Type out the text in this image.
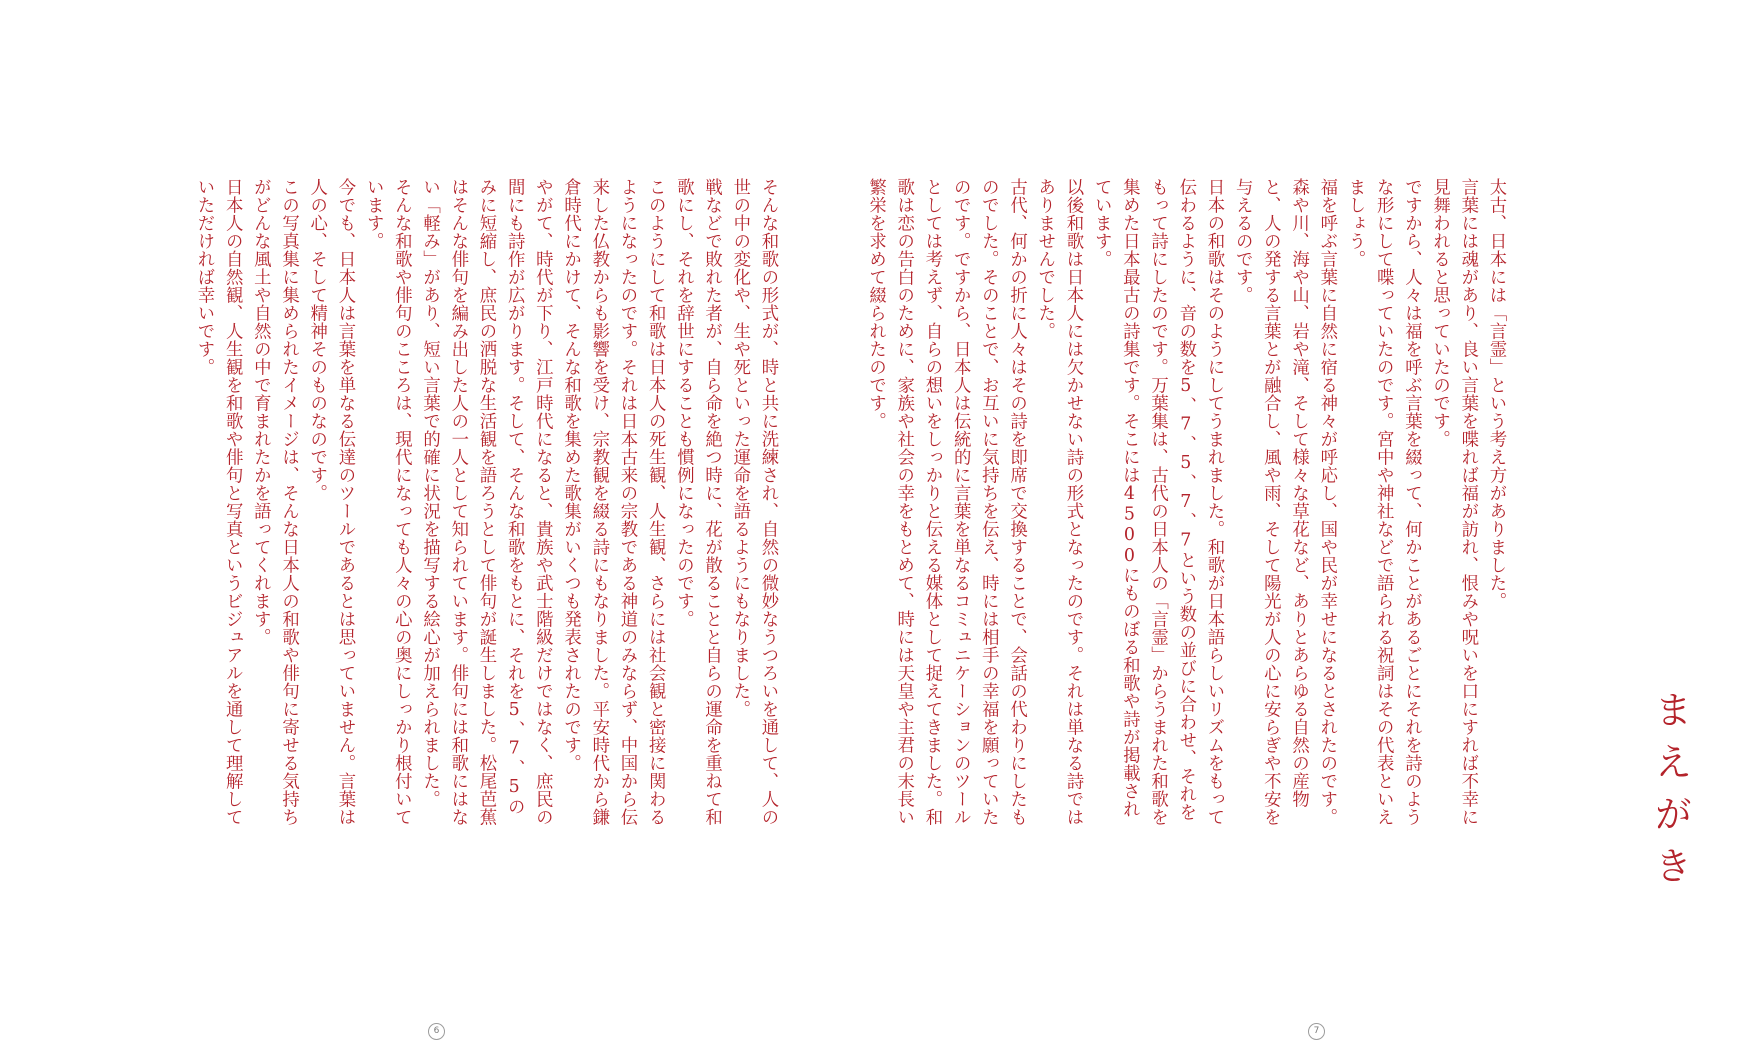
そんな和歌の形式が、時と共に洗練され、自然の微妙なうつろいを通して、人の世の中の変化や、生や死といった運命を語るようにもなりました。
戦などで敗れた者が、自ら命を絶つ時に、花が散ることと自らの運命を重ねて和歌にし、それを辞世にすることも慣例になったのです。

このようにして和歌は日本人の死生観、人生観、さらには社会観と密接に関わるようになったのです。それは日本古来の宗教である神道のみならず、中国から伝来した仏教からも影響を受け、宗教観を綴る詩にもなりました。平安時代から鎌倉時代にかけて、そんな和歌を集めた歌集がいくつも発表されたのです。

やがて、時代が下り、江戸時代になると、貴族や武士階級だけではなく、庶民の間にも詩作が広がります。そして、そんな和歌をもとに、それを5、7、5のみに短縮し、庶民の洒脱な生活観を語ろうとして俳句が誕生しました。松尾芭蕉はそんな俳句を編み出した人の一人として知られています。俳句には和歌にはない「軽み」があり、短い言葉で的確に状況を描写する絵心が加えられました。

そんな和歌や俳句のこころは、現代になっても人々の心の奥にしっかり根付いています。
今でも、日本人は言葉を単なる伝達のツールであるとは思っていません。言葉は人の心、そして精神そのものなのです。

この写真集に集められたイメージは、そんな日本人の和歌や俳句に寄せる気持ちがどんな風土や自然の中で育まれたかを語ってくれます。
日本人の自然観、人生観を和歌や俳句と写真というビジュアルを通して理解していただければ幸いです。

6

太古、日本には「言霊」という考え方がありました。
言葉には魂があり、良い言葉を喋れば福が訪れ、恨みや呪いを口にすれば不幸に見舞われると思っていたのです。
ですから、人々は福を呼ぶ言葉を綴って、何かことがあるごとにそれを詩のような形にして喋っていたのです。宮中や神社などで語られる祝詞はその代表といえましょう。

福を呼ぶ言葉に自然に宿る神々が呼応し、国や民が幸せになるとされたのです。森や川、海や山、岩や滝、そして様々な草花など、ありとあらゆる自然の産物と、人の発する言葉とが融合し、風や雨、そして陽光が人の心に安らぎや不安を与えるのです。

日本の和歌はそのようにしてうまれました。和歌が日本語らしいリズムをもって伝わるように、音の数を5、7、5、7、7という数の並びに合わせ、それをもって詩にしたのです。万葉集は、古代の日本人の「言霊」からうまれた和歌を集めた日本最古の詩集です。そこには4500にものぼる和歌や詩が掲載されています。

以後和歌は日本人には欠かせない詩の形式となったのです。それは単なる詩ではありませんでした。

古代、何かの折に人々はその詩を即席で交換することで、会話の代わりにしたものでした。そのことで、お互いに気持ちを伝え、時には相手の幸福を願っていたのです。ですから、日本人は伝統的に言葉を単なるコミュニケーションのツールとしては考えず、自らの想いをしっかりと伝える媒体として捉えてきました。和歌は恋の告白のために、家族や社会の幸をもとめて、時には天皇や主君の末長い繁栄を求めて綴られたのです。

まえがき
7
